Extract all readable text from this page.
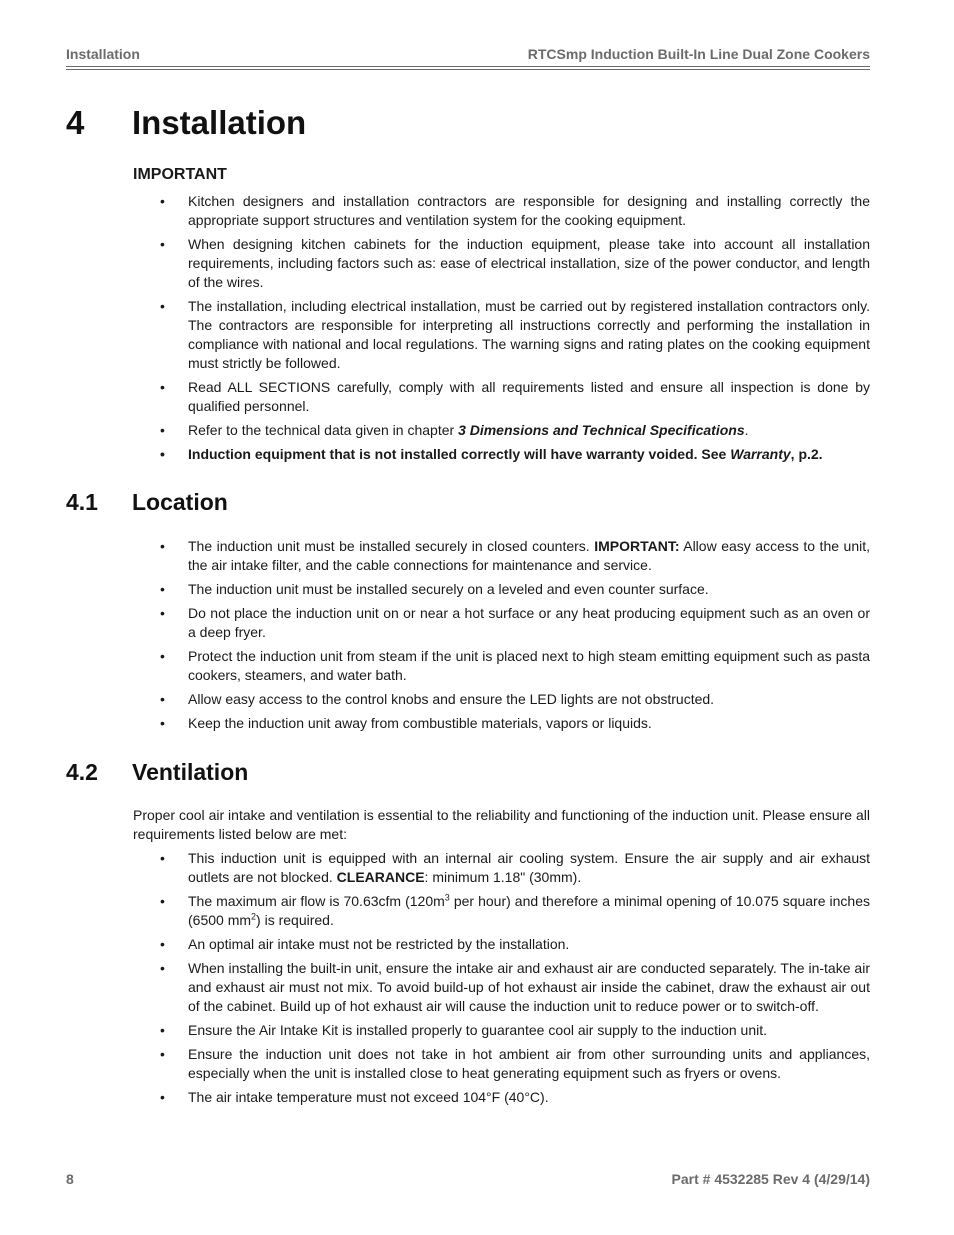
Installation	RTCSmp Induction Built-In Line Dual Zone Cookers
4 Installation
IMPORTANT
• Kitchen designers and installation contractors are responsible for designing and installing correctly the appropriate support structures and ventilation system for the cooking equipment.
• When designing kitchen cabinets for the induction equipment, please take into account all installation requirements, including factors such as: ease of electrical installation, size of the power conductor, and length of the wires.
• The installation, including electrical installation, must be carried out by registered installation contractors only. The contractors are responsible for interpreting all instructions correctly and performing the installation in compliance with national and local regulations. The warning signs and rating plates on the cooking equipment must strictly be followed.
• Read ALL SECTIONS carefully, comply with all requirements listed and ensure all inspection is done by qualified personnel.
• Refer to the technical data given in chapter 3 Dimensions and Technical Specifications.
• Induction equipment that is not installed correctly will have warranty voided. See Warranty, p.2.
4.1 Location
• The induction unit must be installed securely in closed counters. IMPORTANT: Allow easy access to the unit, the air intake filter, and the cable connections for maintenance and service.
• The induction unit must be installed securely on a leveled and even counter surface.
• Do not place the induction unit on or near a hot surface or any heat producing equipment such as an oven or a deep fryer.
• Protect the induction unit from steam if the unit is placed next to high steam emitting equipment such as pasta cookers, steamers, and water bath.
• Allow easy access to the control knobs and ensure the LED lights are not obstructed.
• Keep the induction unit away from combustible materials, vapors or liquids.
4.2 Ventilation
Proper cool air intake and ventilation is essential to the reliability and functioning of the induction unit. Please ensure all requirements listed below are met:
• This induction unit is equipped with an internal air cooling system. Ensure the air supply and air exhaust outlets are not blocked. CLEARANCE: minimum 1.18" (30mm).
• The maximum air flow is 70.63cfm ($120m^3$ per hour) and therefore a minimal opening of 10.075 square inches (6500 $mm^2$) is required.
• An optimal air intake must not be restricted by the installation.
• When installing the built-in unit, ensure the intake air and exhaust air are conducted separately. The in-take air and exhaust air must not mix. To avoid build-up of hot exhaust air inside the cabinet, draw the exhaust air out of the cabinet. Build up of hot exhaust air will cause the induction unit to reduce power or to switch-off.
• Ensure the Air Intake Kit is installed properly to guarantee cool air supply to the induction unit.
• Ensure the induction unit does not take in hot ambient air from other surrounding units and appliances, especially when the unit is installed close to heat generating equipment such as fryers or ovens.
• The air intake temperature must not exceed 104°F (40°C).
8	Part # 4532285 Rev 4 (4/29/14)
